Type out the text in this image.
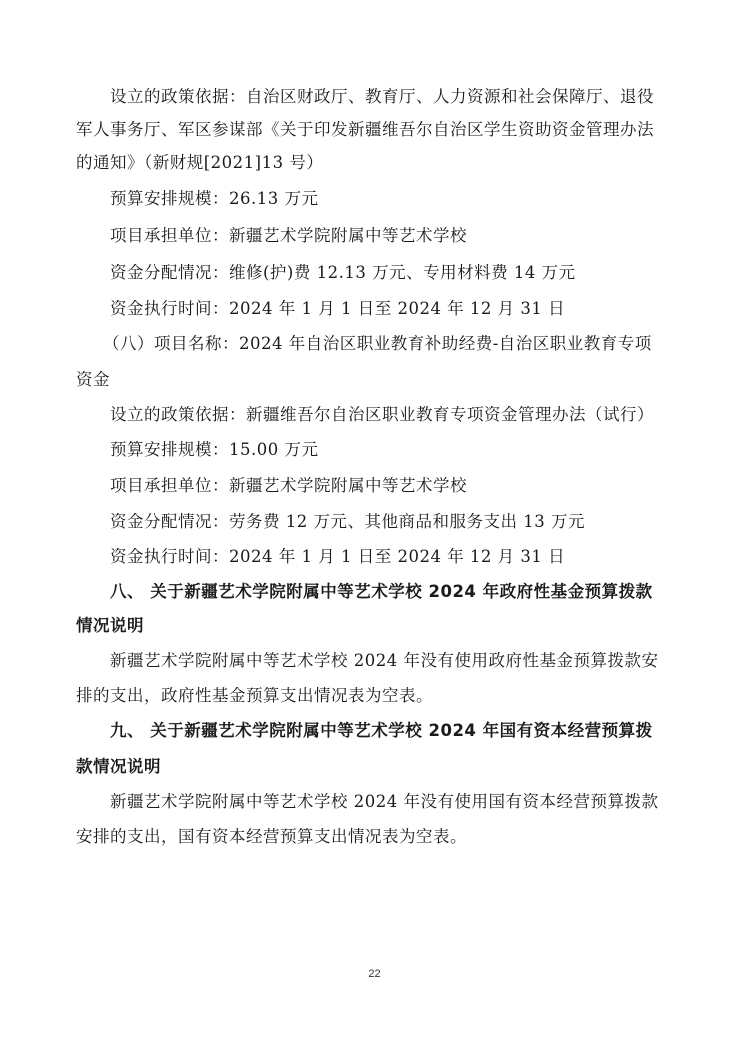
设立的政策依据：自治区财政厅、教育厅、人力资源和社会保障厅、退役
军人事务厅、军区参谋部《关于印发新疆维吾尔自治区学生资助资金管理办法
的通知》（新财规[2021]13 号）
预算安排规模：26.13 万元
项目承担单位：新疆艺术学院附属中等艺术学校
资金分配情况：维修(护)费 12.13 万元、专用材料费 14 万元
资金执行时间：2024 年 1 月 1 日至 2024 年 12 月 31 日
（八）项目名称：2024 年自治区职业教育补助经费-自治区职业教育专项
资金
设立的政策依据：新疆维吾尔自治区职业教育专项资金管理办法（试行）
预算安排规模：15.00 万元
项目承担单位：新疆艺术学院附属中等艺术学校
资金分配情况：劳务费 12 万元、其他商品和服务支出 13 万元
资金执行时间：2024 年 1 月 1 日至 2024 年 12 月 31 日
八、 关于新疆艺术学院附属中等艺术学校 2024 年政府性基金预算拨款
情况说明
新疆艺术学院附属中等艺术学校 2024 年没有使用政府性基金预算拨款安
排的支出，政府性基金预算支出情况表为空表。
九、 关于新疆艺术学院附属中等艺术学校 2024 年国有资本经营预算拨
款情况说明
新疆艺术学院附属中等艺术学校 2024 年没有使用国有资本经营预算拨款
安排的支出，国有资本经营预算支出情况表为空表。
22
